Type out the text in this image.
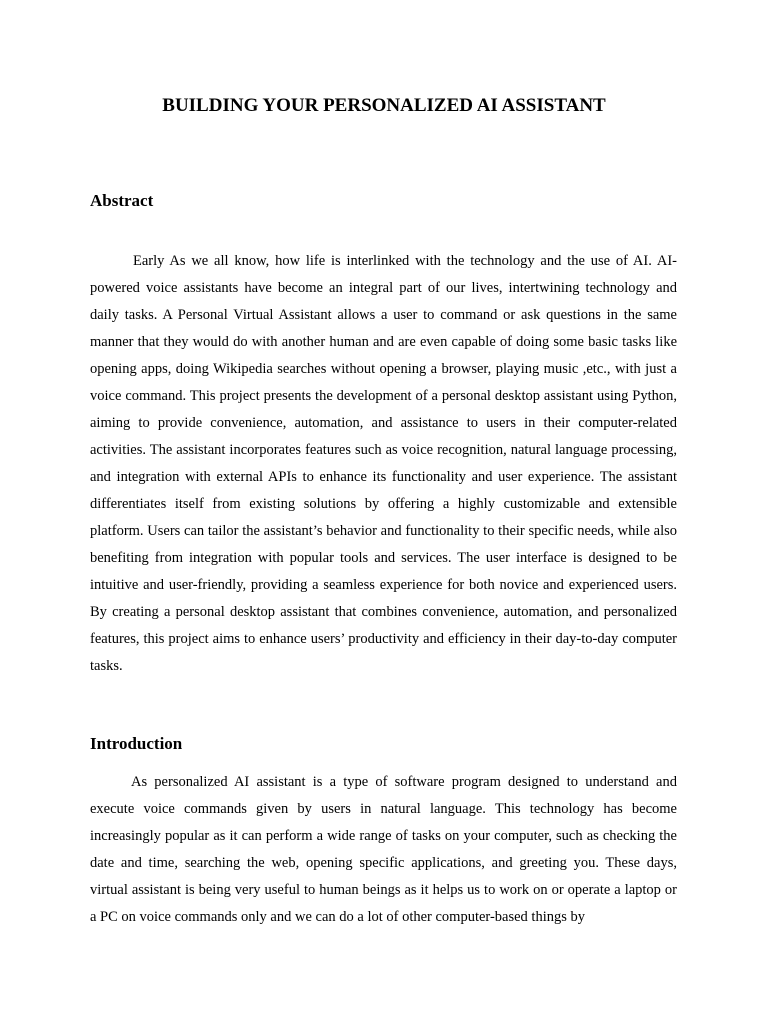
BUILDING YOUR PERSONALIZED AI ASSISTANT
Abstract

Early As we all know, how life is interlinked with the technology and the use of AI. AI-powered voice assistants have become an integral part of our lives, intertwining technology and daily tasks. A Personal Virtual Assistant allows a user to command or ask questions in the same manner that they would do with another human and are even capable of doing some basic tasks like opening apps, doing Wikipedia searches without opening a browser, playing music ,etc., with just a voice command. This project presents the development of a personal desktop assistant using Python, aiming to provide convenience, automation, and assistance to users in their computer-related activities. The assistant incorporates features such as voice recognition, natural language processing, and integration with external APIs to enhance its functionality and user experience. The assistant differentiates itself from existing solutions by offering a highly customizable and extensible platform. Users can tailor the assistant’s behavior and functionality to their specific needs, while also benefiting from integration with popular tools and services. The user interface is designed to be intuitive and user-friendly, providing a seamless experience for both novice and experienced users. By creating a personal desktop assistant that combines convenience, automation, and personalized features, this project aims to enhance users’ productivity and efficiency in their day-to-day computer tasks.

Introduction

As personalized AI assistant is a type of software program designed to understand and execute voice commands given by users in natural language. This technology has become increasingly popular as it can perform a wide range of tasks on your computer, such as checking the date and time, searching the web, opening specific applications, and greeting you. These days, virtual assistant is being very useful to human beings as it helps us to work on or operate a laptop or a PC on voice commands only and we can do a lot of other computer-based things by
